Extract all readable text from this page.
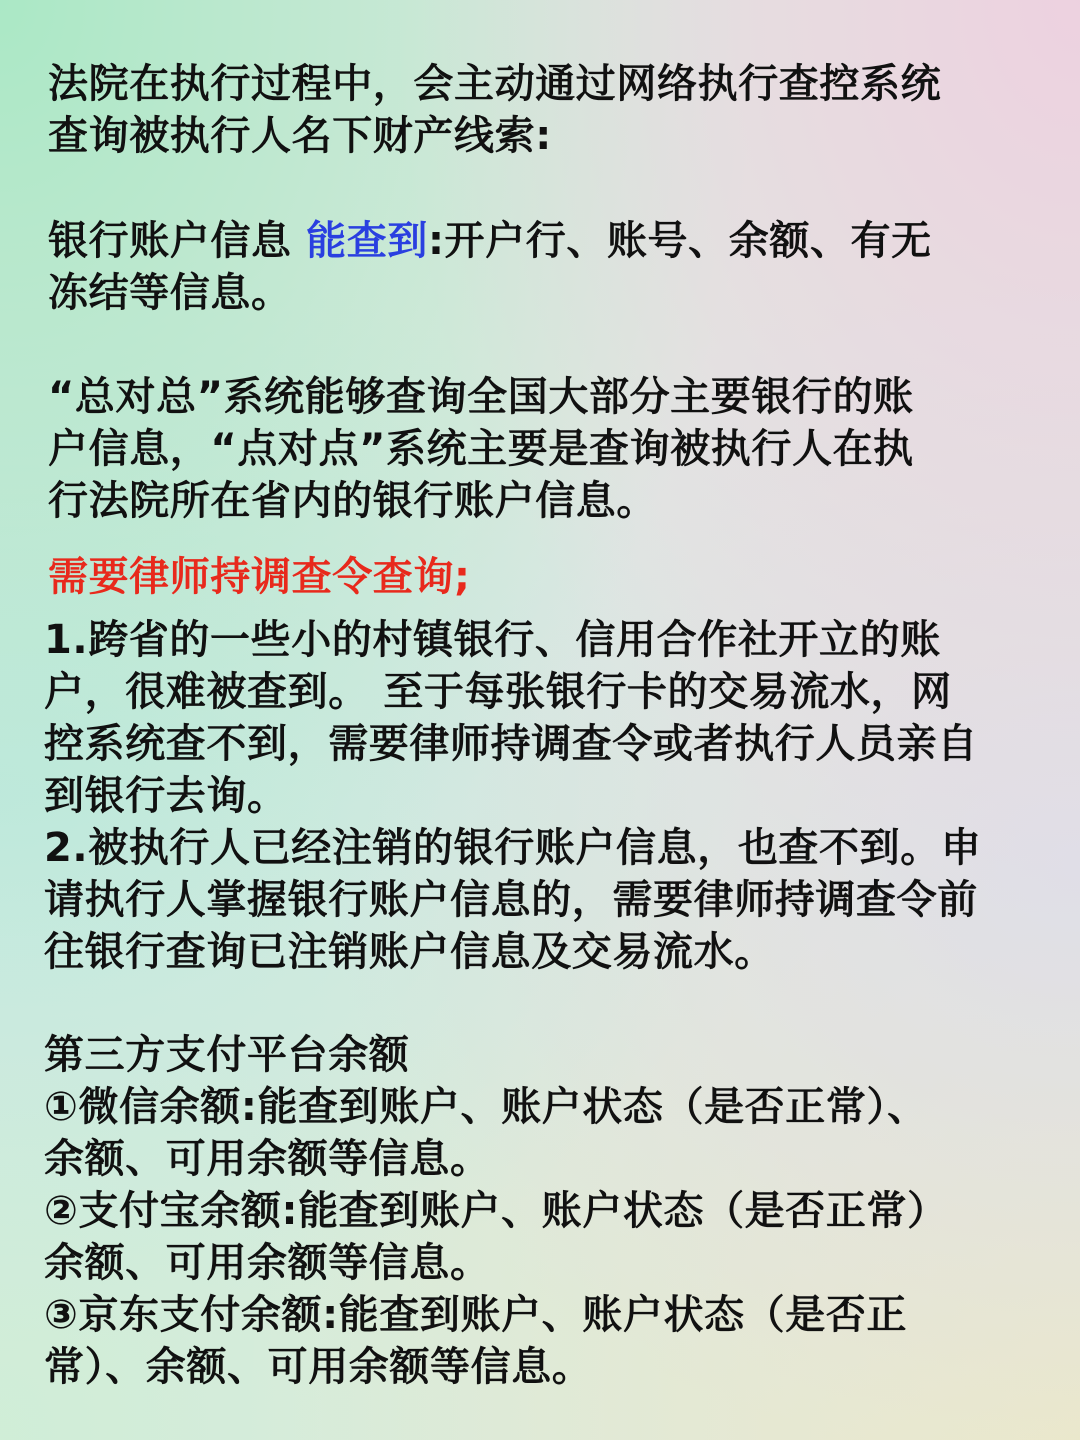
法院在执行过程中，会主动通过网络执行查控系统
查询被执行人名下财产线索:
银行账户信息 能查到:开户行、账号、余额、有无
冻结等信息。
“总对总”系统能够查询全国大部分主要银行的账
户信息，“点对点”系统主要是查询被执行人在执
行法院所在省内的银行账户信息。
需要律师持调查令查询;
1.跨省的一些小的村镇银行、信用合作社开立的账
户，很难被查到。 至于每张银行卡的交易流水，网
控系统查不到，需要律师持调查令或者执行人员亲自
到银行去询。
2.被执行人已经注销的银行账户信息，也查不到。申
请执行人掌握银行账户信息的，需要律师持调查令前
往银行查询已注销账户信息及交易流水。
第三方支付平台余额
①微信余额:能查到账户、账户状态（是否正常）、
余额、可用余额等信息。
②支付宝余额:能查到账户、账户状态（是否正常）
余额、可用余额等信息。
③京东支付余额:能查到账户、账户状态（是否正
常）、余额、可用余额等信息。
